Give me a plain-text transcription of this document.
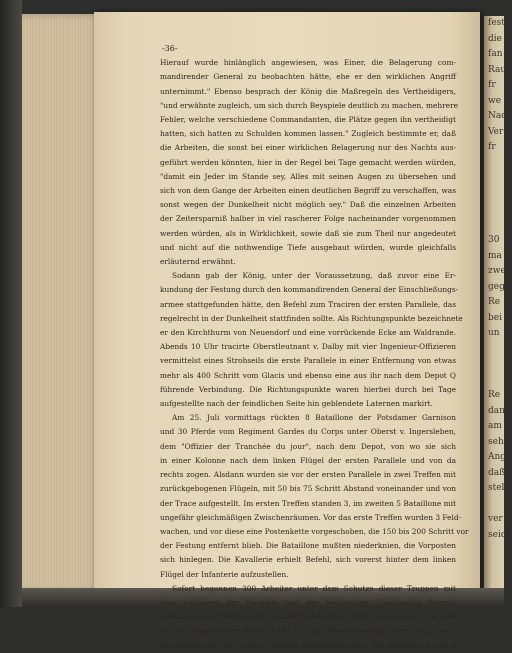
festi
die
fan
Rau
fr
we
Nach
Ver
fr

30
ma
zwe
geg
Re
bei
un

Re
dan
am
seh
Ang
daß
stel

ver
seid
-36-
Hierauf wurde hinlänglich angewiesen, was Einer, die Belagerung com-
mandirender General zu beobachten hätte, ehe er den wirklichen Angriff
unternimmt." Ebenso besprach der König die Maßregeln des Vertheidigers,
"und erwähnte zugleich, um sich durch Beyspiele deutlich zu machen, mehrere
Fehler, welche verschiedene Commandanten, die Plätze gegen ihn vertheidigt
hatten, sich hatten zu Schulden kommen lassen." Zugleich bestimmte er, daß
die Arbeiten, die sonst bei einer wirklichen Belagerung nur des Nachts aus-
geführt werden könnten, hier in der Regel bei Tage gemacht werden würden,
"damit ein Jeder im Stande sey, Alles mit seinen Augen zu übersehen und
sich von dem Gange der Arbeiten einen deutlichen Begriff zu verschaffen, was
sonst wegen der Dunkelheit nicht möglich sey." Daß die einzelnen Arbeiten
der Zeitersparniß halber in viel rascherer Folge nacheinander vorgenommen
werden würden, als in Wirklichkeit, sowie daß sie zum Theil nur angedeutet
und nicht auf die nothwendige Tiefe ausgebaut würden, wurde gleichfalls
erläuternd erwähnt.
Sodann gab der König, unter der Voraussetzung, daß zuvor eine Er-
kundung der Festung durch den kommandirenden General der Einschließungs-
armee stattgefunden hätte, den Befehl zum Traciren der ersten Parallele, das
regelrecht in der Dunkelheit stattfinden sollte. Als Richtungspunkte bezeichnete
er den Kirchthurm von Neuendorf und eine vorrückende Ecke am Waldrande.
Abends 10 Uhr tracirte Oberstleutnant v. Dalby mit vier Ingenieur-Offizieren
vermittelst eines Strohseils die erste Parallele in einer Entfernung von etwas
mehr als 400 Schritt vom Glacis und ebenso eine aus ihr nach dem Depot Q
führende Verbindung. Die Richtungspunkte waren hierbei durch bei Tage
aufgestellte nach der feindlichen Seite hin geblendete Laternen markirt.
Am 25. Juli vormittags rückten 8 Bataillone der Potsdamer Garnison
und 30 Pferde vom Regiment Gardes du Corps unter Oberst v. Ingersleben,
dem "Offizier der Tranchée du jour", nach dem Depot, von wo sie sich
in einer Kolonne nach dem linken Flügel der ersten Parallele und von da
rechts zogen. Alsdann wurden sie vor der ersten Parallele in zwei Treffen mit
zurückgebogenen Flügeln, mit 50 bis 75 Schritt Abstand voneinander und von
der Trace aufgestellt. Im ersten Treffen standen 3, im zweiten 5 Bataillone mit
ungefähr gleichmäßigen Zwischenräumen. Vor das erste Treffen wurden 3 Feld-
wachen, und vor diese eine Postenkette vorgeschoben, die 150 bis 200 Schritt vor
der Festung entfernt blieb. Die Bataillone mußten niederknien, die Vorposten
sich hinlegen. Die Kavallerie erhielt Befehl, sich vorerst hinter dem linken
Flügel der Infanterie aufzustellen.
Sofort begannen 300 Arbeiter unter dem Schutze dieser Truppen mit
dem Ausheben der Parallele und der Verbindung. Gleichzeitig hiermit
erbaute die Artillerie drei Demontir-Batterien, deren Lage bei A, B und
auf der Kapitale des Ravelins bei C-D der König ebenfalls schon tags zuvor
bei Bestimmung der ersten Parallele festgesetzt hatte. Die Batterien A und B
